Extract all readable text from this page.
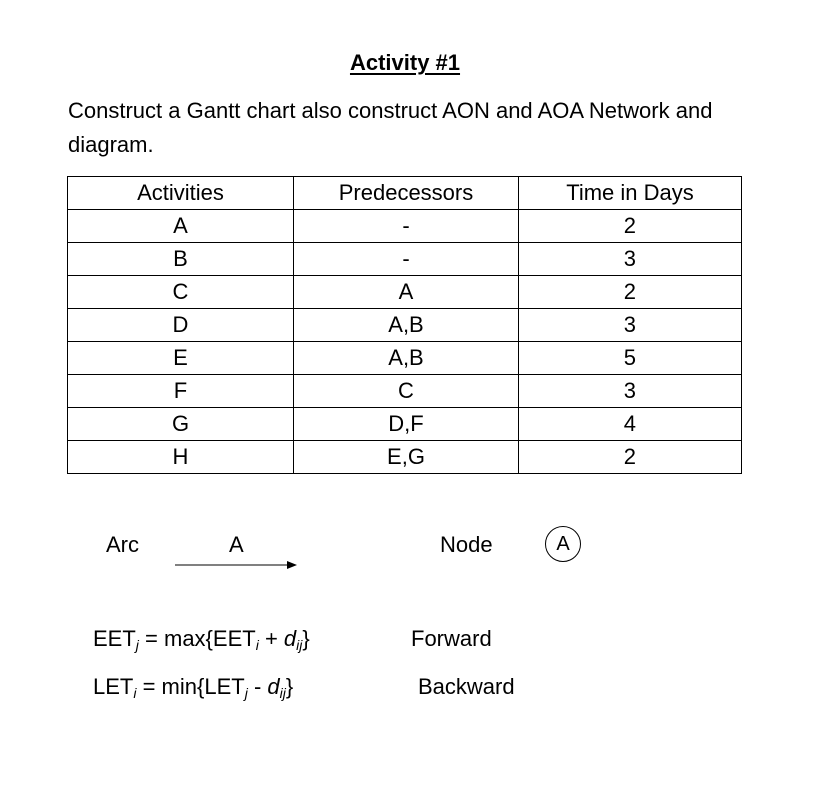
Activity #1
Construct a Gantt chart also construct AON and AOA Network and diagram.
Activities	Predecessors	Time in Days
A	-	2
B	-	3
C	A	2
D	A,B	3
E	A,B	5
F	C	3
G	D,F	4
H	E,G	2
Arc	A	Node	A
$EET_j = \max\{EET_i + d_{ij}\}$	Forward
$LET_i = \min\{LET_j - d_{ij}\}$	Backward
